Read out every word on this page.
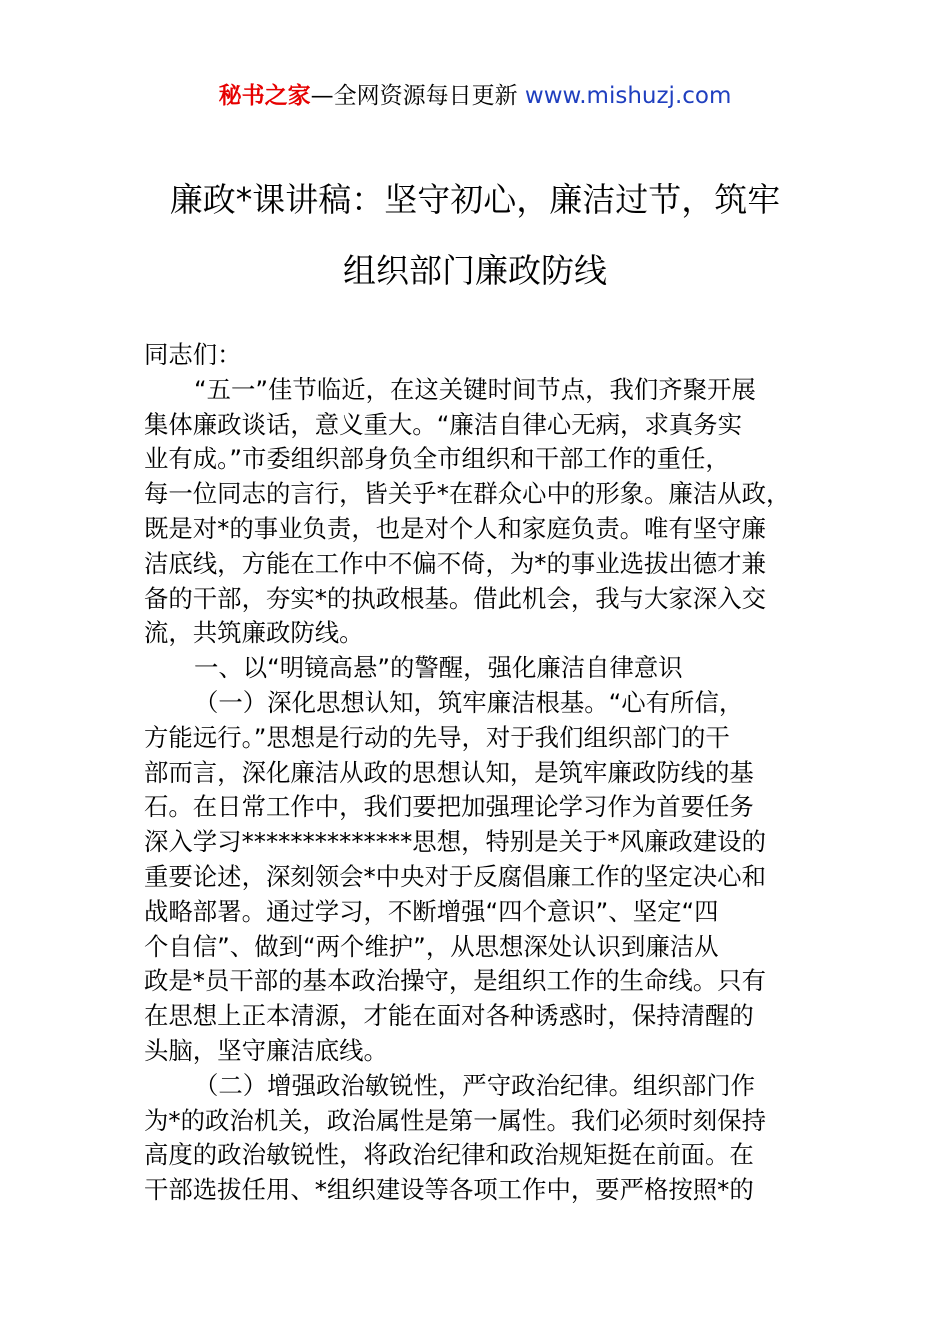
秘书之家—全网资源每日更新 www.mishuzj.com
廉政*课讲稿：坚守初心，廉洁过节，筑牢
组织部门廉政防线
同志们：
“五一”佳节临近，在这关键时间节点，我们齐聚开展
集体廉政谈话，意义重大。“廉洁自律心无病，求真务实
业有成。”市委组织部身负全市组织和干部工作的重任，
每一位同志的言行，皆关乎*在群众心中的形象。廉洁从政，
既是对*的事业负责，也是对个人和家庭负责。唯有坚守廉
洁底线，方能在工作中不偏不倚，为*的事业选拔出德才兼
备的干部，夯实*的执政根基。借此机会，我与大家深入交
流，共筑廉政防线。
一、以“明镜高悬”的警醒，强化廉洁自律意识
（一）深化思想认知，筑牢廉洁根基。“心有所信，
方能远行。”思想是行动的先导，对于我们组织部门的干
部而言，深化廉洁从政的思想认知，是筑牢廉政防线的基
石。在日常工作中，我们要把加强理论学习作为首要任务
深入学习**************思想，特别是关于*风廉政建设的
重要论述，深刻领会*中央对于反腐倡廉工作的坚定决心和
战略部署。通过学习，不断增强“四个意识”、坚定“四
个自信”、做到“两个维护”，从思想深处认识到廉洁从
政是*员干部的基本政治操守，是组织工作的生命线。只有
在思想上正本清源，才能在面对各种诱惑时，保持清醒的
头脑，坚守廉洁底线。
（二）增强政治敏锐性，严守政治纪律。组织部门作
为*的政治机关，政治属性是第一属性。我们必须时刻保持
高度的政治敏锐性，将政治纪律和政治规矩挺在前面。在
干部选拔任用、*组织建设等各项工作中，要严格按照*的
